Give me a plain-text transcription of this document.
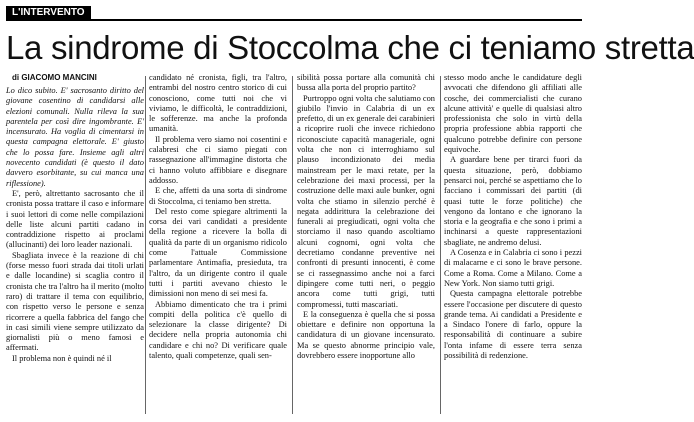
L'INTERVENTO
La sindrome di Stoccolma che ci teniamo stretta
di GIACOMO MANCINI

Lo dico subito. E' sacrosanto diritto del giovane cosentino di candidarsi alle elezioni comunali. Nulla rileva la sua parentela per così dire ingombrante. E' incensurato. Ha voglia di cimentarsi in questa campagna elettorale. E' giusto che lo possa fare. Insieme agli altri novecento candidati (è questo il dato davvero esorbitante, su cui manca una riflessione).

E', però, altrettanto sacrosanto che il cronista possa trattare il caso e informare i suoi lettori di come nelle compilazioni delle liste alcuni partiti cadano in contraddizione rispetto ai proclami (allucinanti) dei loro leader nazionali.

Sbagliata invece è la reazione di chi (forse messo fuori strada dai titoli urlati e dalle locandine) si scaglia contro il cronista che tra l'altro ha il merito (molto raro) di trattare il tema con equilibrio, con rispetto verso le persone e senza ricorrere a quella fabbrica del fango che in casi simili viene sempre utilizzato da giornalisti più o meno famosi e affermati.

Il problema non è quindi né il

candidato né cronista, figli, tra l'altro, entrambi del nostro centro storico di cui conosciono, come tutti noi che vi viviamo, le difficoltà, le contraddizioni, le sofferenze. ma anche la profonda umanità.

Il problema vero siamo noi cosentini e calabresi che ci siamo piegati con rassegnazione all'immagine distorta che ci hanno voluto affibbiare e disegnare addosso.

E che, affetti da una sorta di sindrome di Stoccolma, ci teniamo ben stretta.

Del resto come spiegare altrimenti la corsa dei vari candidati a presidente della regione a ricevere la bolla di qualità da parte di un organismo ridicolo come l'attuale Commissione parlamentare Antimafia, presieduta, tra l'altro, da un dirigente contro il quale tutti i partiti avevano chiesto le dimissioni non meno di sei mesi fa.

Abbiamo dimenticato che tra i primi compiti della politica c'è quello di selezionare la classe dirigente? Di decidere nella propria autonomia chi candidare e chi no? Di verificare quale talento, quali competenze, quali sen-

sibilità possa portare alla comunità chi bussa alla porta del proprio partito?

Purtroppo ogni volta che salutiamo con giubilo l'invio in Calabria di un ex prefetto, di un ex generale dei carabinieri a ricoprire ruoli che invece richiedono riconosciute capacità manageriale, ogni volta che non ci interroghiamo sul plauso incondizionato dei media mainstream per le maxi retate, per la celebrazione dei maxi processi, per la costruzione delle maxi aule bunker, ogni volta che stiamo in silenzio perché è negata addirittura la celebrazione dei funerali ai pregiudicati, ogni volta che storciamo il naso quando ascoltiamo alcuni cognomi, ogni volta che decretiamo condanne preventive nei confronti di presunti innocenti, è come se ci rassegnassimo anche noi a farci dipingere come tutti neri, o peggio ancora come tutti grigi, tutti compromessi, tutti mascariati.

E la conseguenza è quella che si possa obiettare e definire non opportuna la candidatura di un giovane incensurato. Ma se questo abnorme principio vale, dovrebbero essere inopportune allo

stesso modo anche le candidature degli avvocati che difendono gli affiliati alle cosche, dei commercialisti che curano alcune attività' e quelle di qualsiasi altro professionista che solo in virtù della propria professione abbia rapporti che qualcuno potrebbe definire con persone equivoche.

A guardare bene per tirarci fuori da questa situazione, però, dobbiamo pensarci noi, perché se aspettiamo che lo facciano i commissari dei partiti (di quasi tutte le forze politiche) che vengono da lontano e che ignorano la storia e la geografia e che sono i primi a inchinarsi a queste rappresentazioni sbagliate, ne andremo delusi.

A Cosenza e in Calabria ci sono i pezzi di malacarne e ci sono le brave persone. Come a Roma. Come a Milano. Come a New York. Non siamo tutti grigi.

Questa campagna elettorale potrebbe essere l'occasione per discutere di questo grande tema. Ai candidati a Presidente e a Sindaco l'onere di farlo, oppure la responsabilità di continuare a subire l'onta infame di essere terra senza possibilità di redenzione.
